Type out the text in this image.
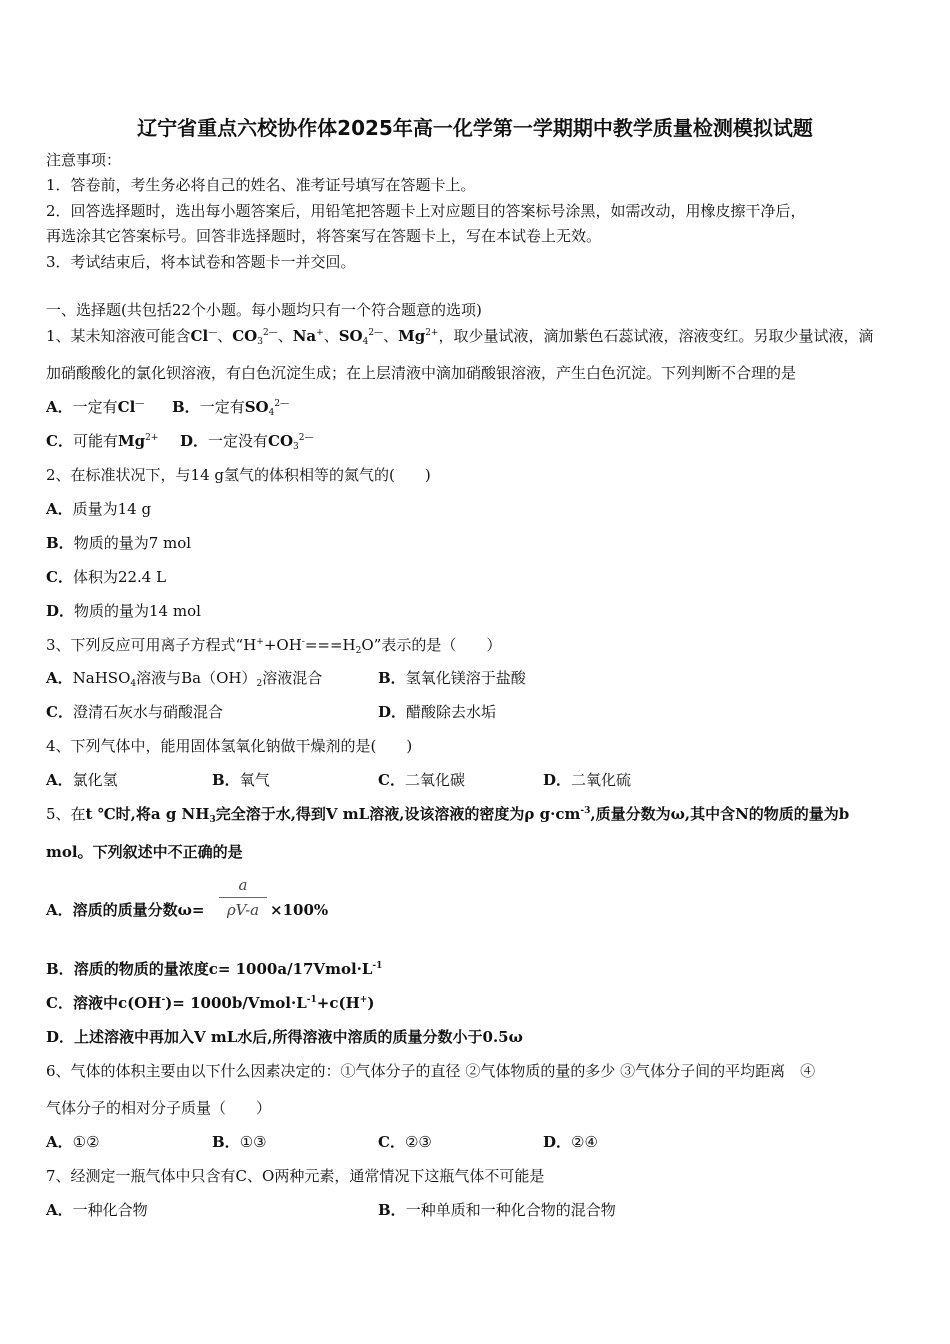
辽宁省重点六校协作体2025年高一化学第一学期期中教学质量检测模拟试题
注意事项：
1．答卷前，考生务必将自己的姓名、准考证号填写在答题卡上。
2．回答选择题时，选出每小题答案后，用铅笔把答题卡上对应题目的答案标号涂黑，如需改动，用橡皮擦干净后，
再选涂其它答案标号。回答非选择题时，将答案写在答题卡上，写在本试卷上无效。
3．考试结束后，将本试卷和答题卡一并交回。
一、选择题(共包括22个小题。每小题均只有一个符合题意的选项)
1、某未知溶液可能含Cl—、$CO_3^{2—}$、Na+、$SO_4^{2—}$、$Mg^{2+}$，取少量试液，滴加紫色石蕊试液，溶液变红。另取少量试液，滴
加硝酸酸化的氯化钡溶液，有白色沉淀生成；在上层清液中滴加硝酸银溶液，产生白色沉淀。下列判断不合理的是
A．一定有Cl— B．一定有$SO_4^{2—}$
C．可能有$Mg^{2+}$ D．一定没有$CO_3^{2—}$
2、在标准状况下，与14 g氢气的体积相等的氮气的(　　)
A．质量为14 g
B．物质的量为7 mol
C．体积为22.4 L
D．物质的量为14 mol
3、下列反应可用离子方程式“$H^++OH^-===H_2O$”表示的是（　　）
A．NaHSO$_4$溶液与$Ba(OH)_2$溶液混合	B．氢氧化镁溶于盐酸
C．澄清石灰水与硝酸混合	D．醋酸除去水垢
4、下列气体中，能用固体氢氧化钠做干燥剂的是(　　)
A．氯化氢	B．氧气	C．二氧化碳	D．二氧化硫
5、在t ℃时,将a g $NH_3$完全溶于水,得到V mL溶液,设该溶液的密度为ρ $g\cdot cm^{-3}$,质量分数为ω,其中含N的物质的量为b
mol。下列叙述中不正确的是
A．溶质的质量分数ω=
a
ρV-a ×100%
B．溶质的物质的量浓度$c= 1000a/17Vmol\cdot L^{-1}$
C．溶液中$c(OH^-)= 1000b/Vmol\cdot L^{-1}+c(H^+)$
D．上述溶液中再加入V mL水后,所得溶液中溶质的质量分数小于0.5ω
6、气体的体积主要由以下什么因素决定的：①气体分子的直径 ②气体物质的量的多少 ③气体分子间的平均距离　④
气体分子的相对分子质量（　　）
A．①②	B．①③	C．②③	D．②④
7、经测定一瓶气体中只含有C、O两种元素，通常情况下这瓶气体不可能是
A．一种化合物	B．一种单质和一种化合物的混合物
